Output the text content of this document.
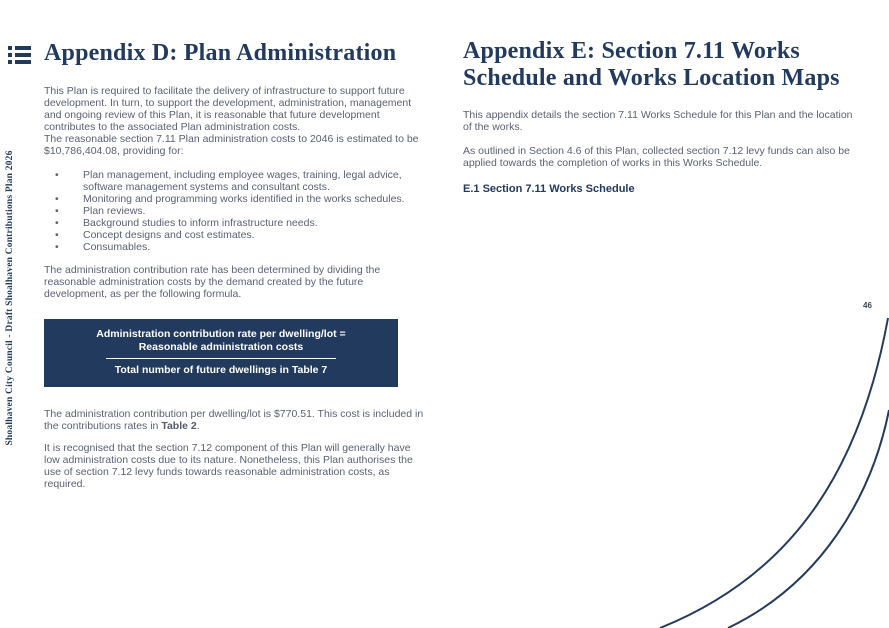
Shoalhaven City Council - Draft Shoalhaven Contributions Plan 2026
Appendix D: Plan Administration

This Plan is required to facilitate the delivery of infrastructure to support future development. In turn, to support the development, administration, management and ongoing review of this Plan, it is reasonable that future development contributes to the associated Plan administration costs.
The reasonable section 7.11 Plan administration costs to 2046 is estimated to be $10,786,404.08, providing for:

•	Plan management, including employee wages, training, legal advice, software management systems and consultant costs.
•	Monitoring and programming works identified in the works schedules.
•	Plan reviews.
•	Background studies to inform infrastructure needs.
•	Concept designs and cost estimates.
•	Consumables.

The administration contribution rate has been determined by dividing the reasonable administration costs by the demand created by the future development, as per the following formula.

Administration contribution rate per dwelling/lot =
Reasonable administration costs
Total number of future dwellings in Table 7

The administration contribution per dwelling/lot is $770.51. This cost is included in the contributions rates in Table 2.

It is recognised that the section 7.12 component of this Plan will generally have low administration costs due to its nature. Nonetheless, this Plan authorises the use of section 7.12 levy funds towards reasonable administration costs, as required.

Appendix E: Section 7.11 Works Schedule and Works Location Maps

This appendix details the section 7.11 Works Schedule for this Plan and the location of the works.

As outlined in Section 4.6 of this Plan, collected section 7.12 levy funds can also be applied towards the completion of works in this Works Schedule.

E.1 Section 7.11 Works Schedule

46
